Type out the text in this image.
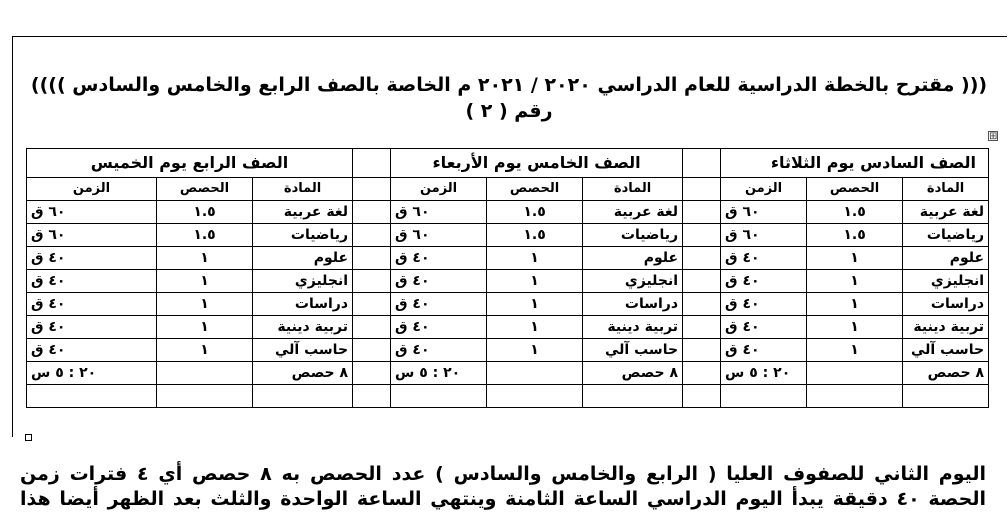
((( مقترح بالخطة الدراسية للعام الدراسي ٢٠٢٠ / ٢٠٢١ م الخاصة بالصف الرابع والخامس والسادس ))))
رقم ( ٢ )
⊞
الصف السادس يوم الثلاثاء				الصف الخامس يوم الأربعاء				الصف الرابع يوم الخميس		
المادة	الحصص	الزمن		المادة	الحصص	الزمن		المادة	الحصص	الزمن
لغة عربية	١.٥	٦٠ ق		لغة عربية	١.٥	٦٠ ق		لغة عربية	١.٥	٦٠ ق
رياضيات	١.٥	٦٠ ق		رياضيات	١.٥	٦٠ ق		رياضيات	١.٥	٦٠ ق
علوم	١	٤٠ ق		علوم	١	٤٠ ق		علوم	١	٤٠ ق
انجليزي	١	٤٠ ق		انجليزي	١	٤٠ ق		انجليزي	١	٤٠ ق
دراسات	١	٤٠ ق		دراسات	١	٤٠ ق		دراسات	١	٤٠ ق
تربية دينية	١	٤٠ ق		تربية دينية	١	٤٠ ق		تربية دينية	١	٤٠ ق
حاسب آلي	١	٤٠ ق		حاسب آلي	١	٤٠ ق		حاسب آلي	١	٤٠ ق
٨ حصص		٢٠ : ٥ س		٨ حصص		٢٠ : ٥ س		٨ حصص		٢٠ : ٥ س

اليوم الثاني للصفوف العليا ( الرابع والخامس والسادس ) عدد الحصص به ٨ حصص أي ٤ فترات زمن

الحصة ٤٠ دقيقة يبدأ اليوم الدراسي الساعة الثامنة وينتهي الساعة الواحدة والثلث بعد الظهر أيضا هذا
